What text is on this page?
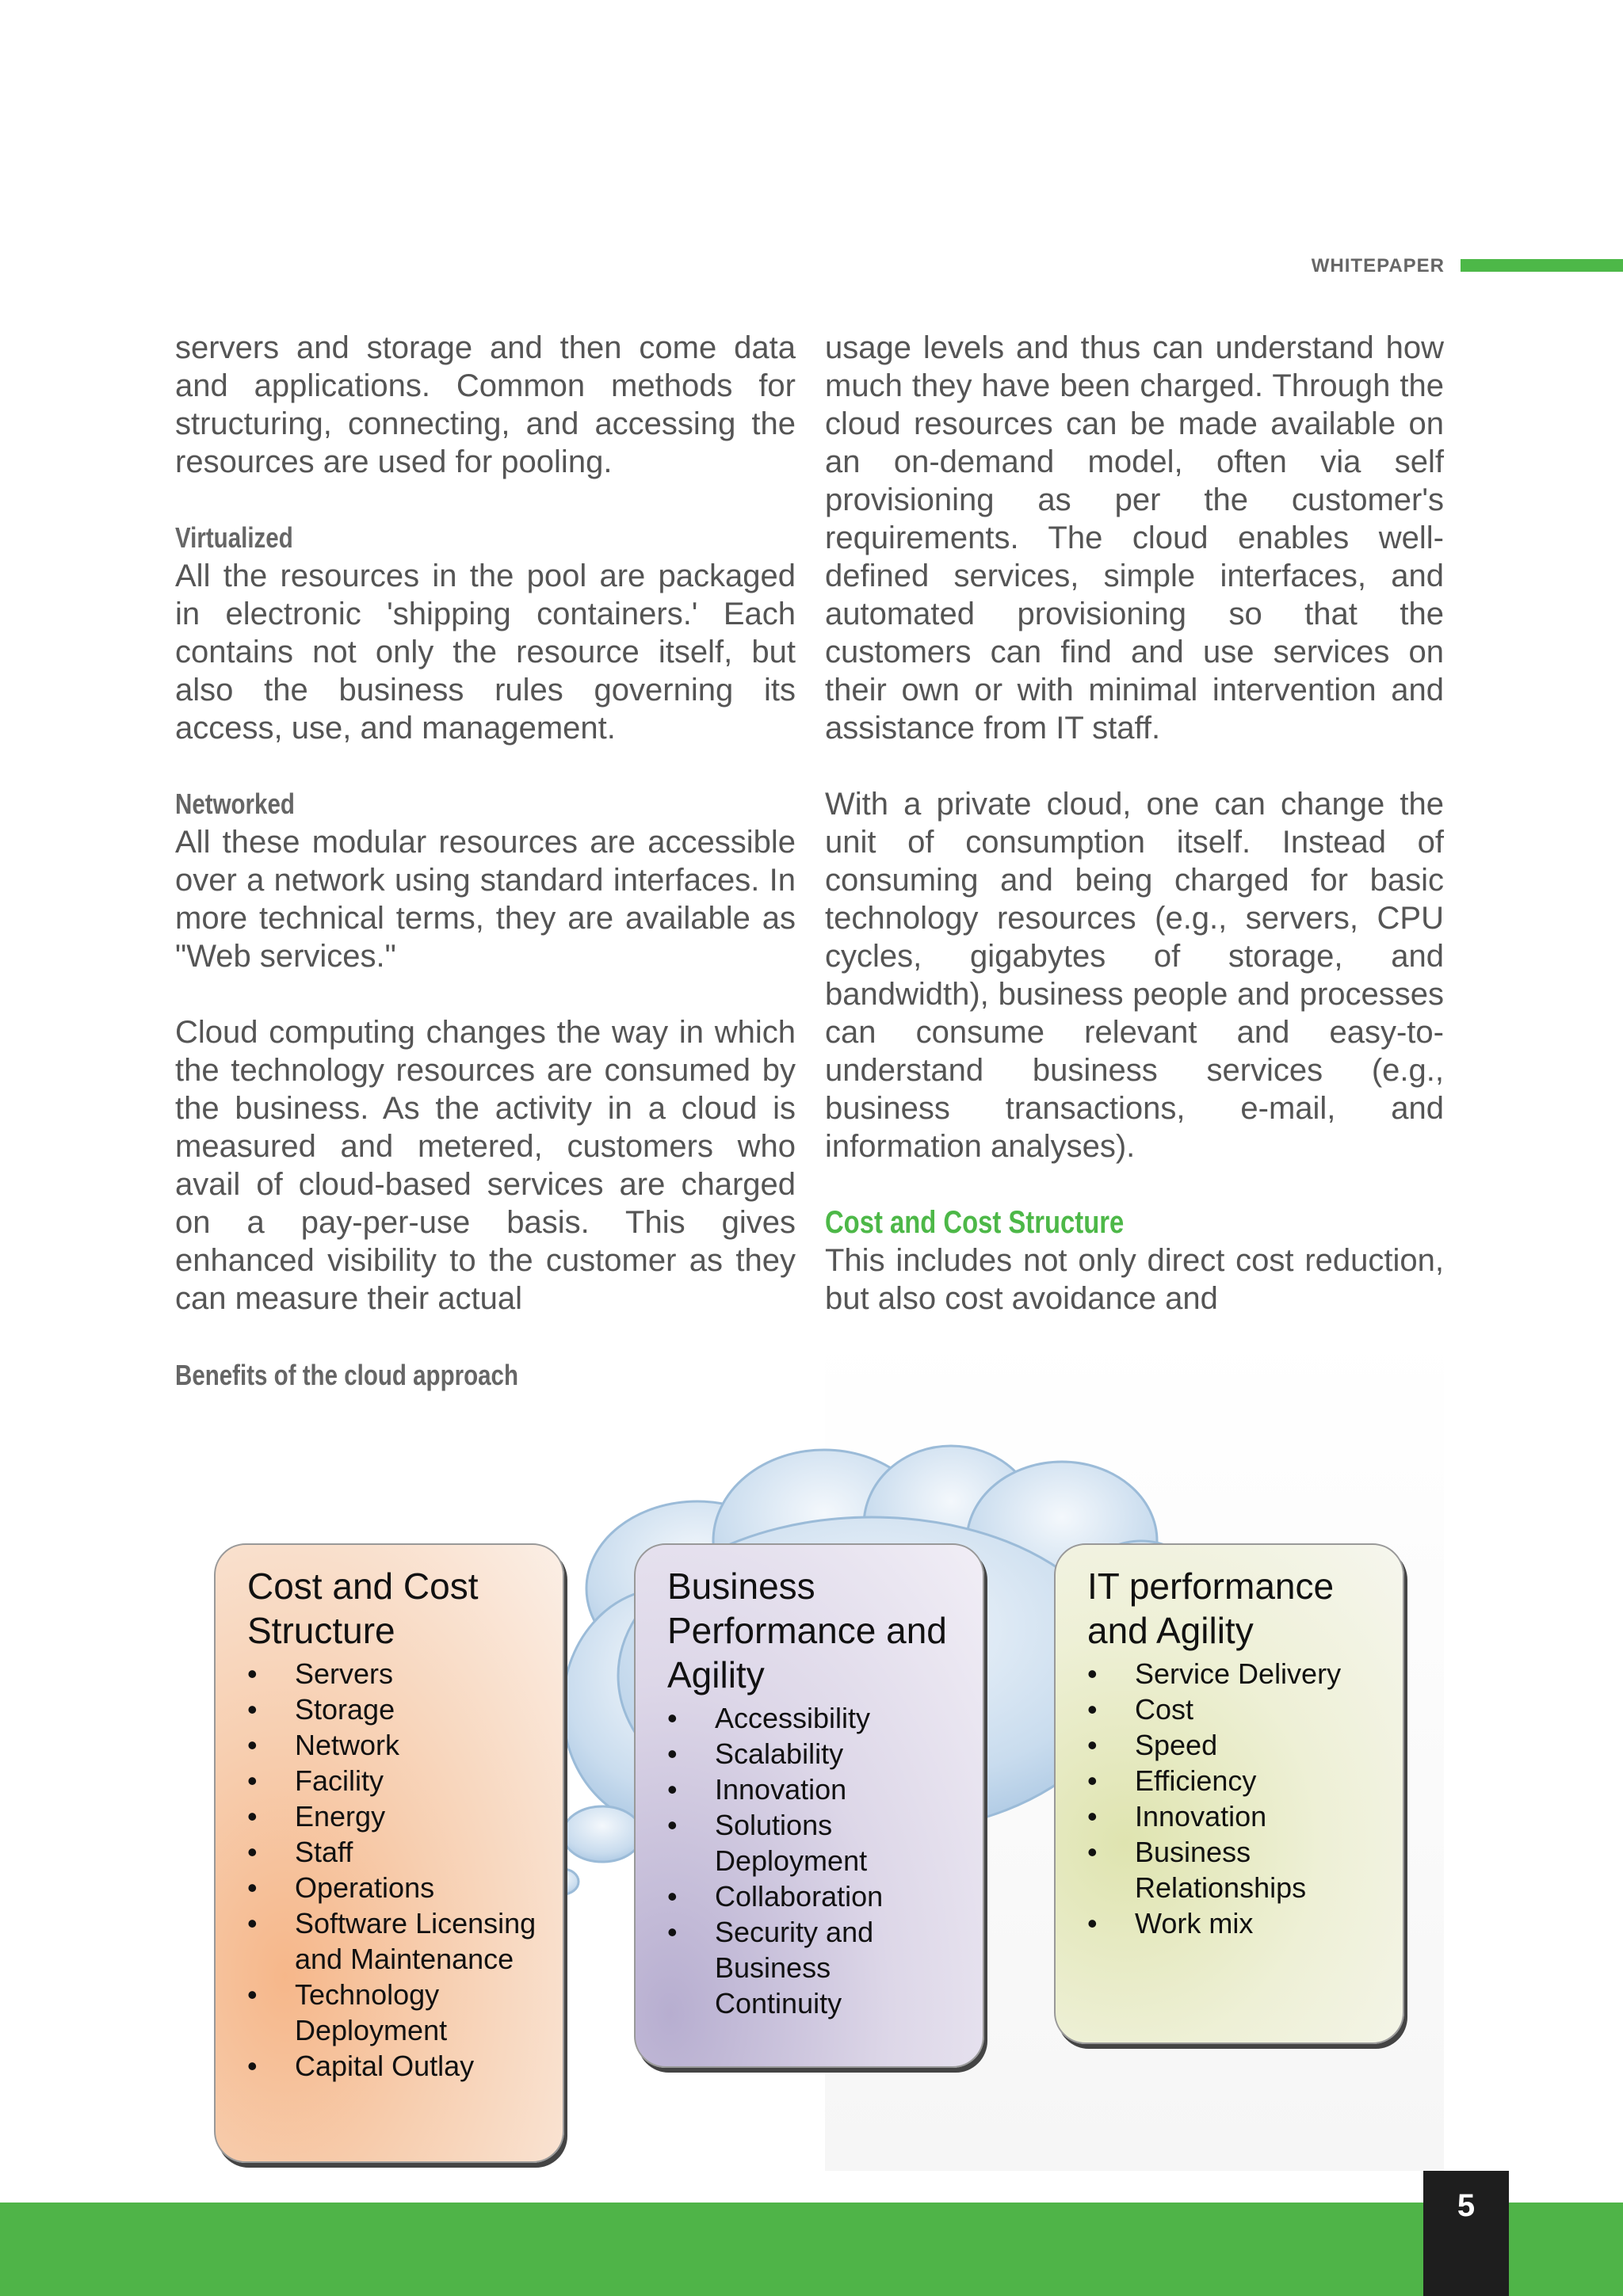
WHITEPAPER

servers and storage and then come data and applications. Common methods for structuring, connecting, and accessing the resources are used for pooling.

Virtualized

All the resources in the pool are packaged in electronic 'shipping containers.' Each contains not only the resource itself, but also the business rules governing its access, use, and management.

Networked

All these modular resources are accessible over a network using standard interfaces. In more technical terms, they are available as "Web services."

Cloud computing changes the way in which the technology resources are consumed by the business. As the activity in a cloud is measured and metered, customers who avail of cloud-based services are charged on a pay-per-use basis. This gives enhanced visibility to the customer as they can measure their actual

usage levels and thus can understand how much they have been charged. Through the cloud resources can be made available on an on-demand model, often via self provisioning as per the customer's requirements. The cloud enables well-defined services, simple interfaces, and automated provisioning so that the customers can find and use services on their own or with minimal intervention and assistance from IT staff.

With a private cloud, one can change the unit of consumption itself. Instead of consuming and being charged for basic technology resources (e.g., servers, CPU cycles, gigabytes of storage, and bandwidth), business people and processes can consume relevant and easy-to-understand business services (e.g., business transactions, e-mail, and information analyses).

Cost and Cost Structure

This includes not only direct cost reduction, but also cost avoidance and

Benefits of the cloud approach
Cost and Cost Structure
• Servers
• Storage
• Network
• Facility
• Energy
• Staff
• Operations
• Software Licensing and Maintenance
• Technology Deployment
• Capital Outlay
Business Performance and Agility
• Accessibility
• Scalability
• Innovation
• Solutions Deployment
• Collaboration
• Security and Business Continuity
IT performance and Agility
• Service Delivery
• Cost
• Speed
• Efficiency
• Innovation
• Business Relationships
• Work mix
5
